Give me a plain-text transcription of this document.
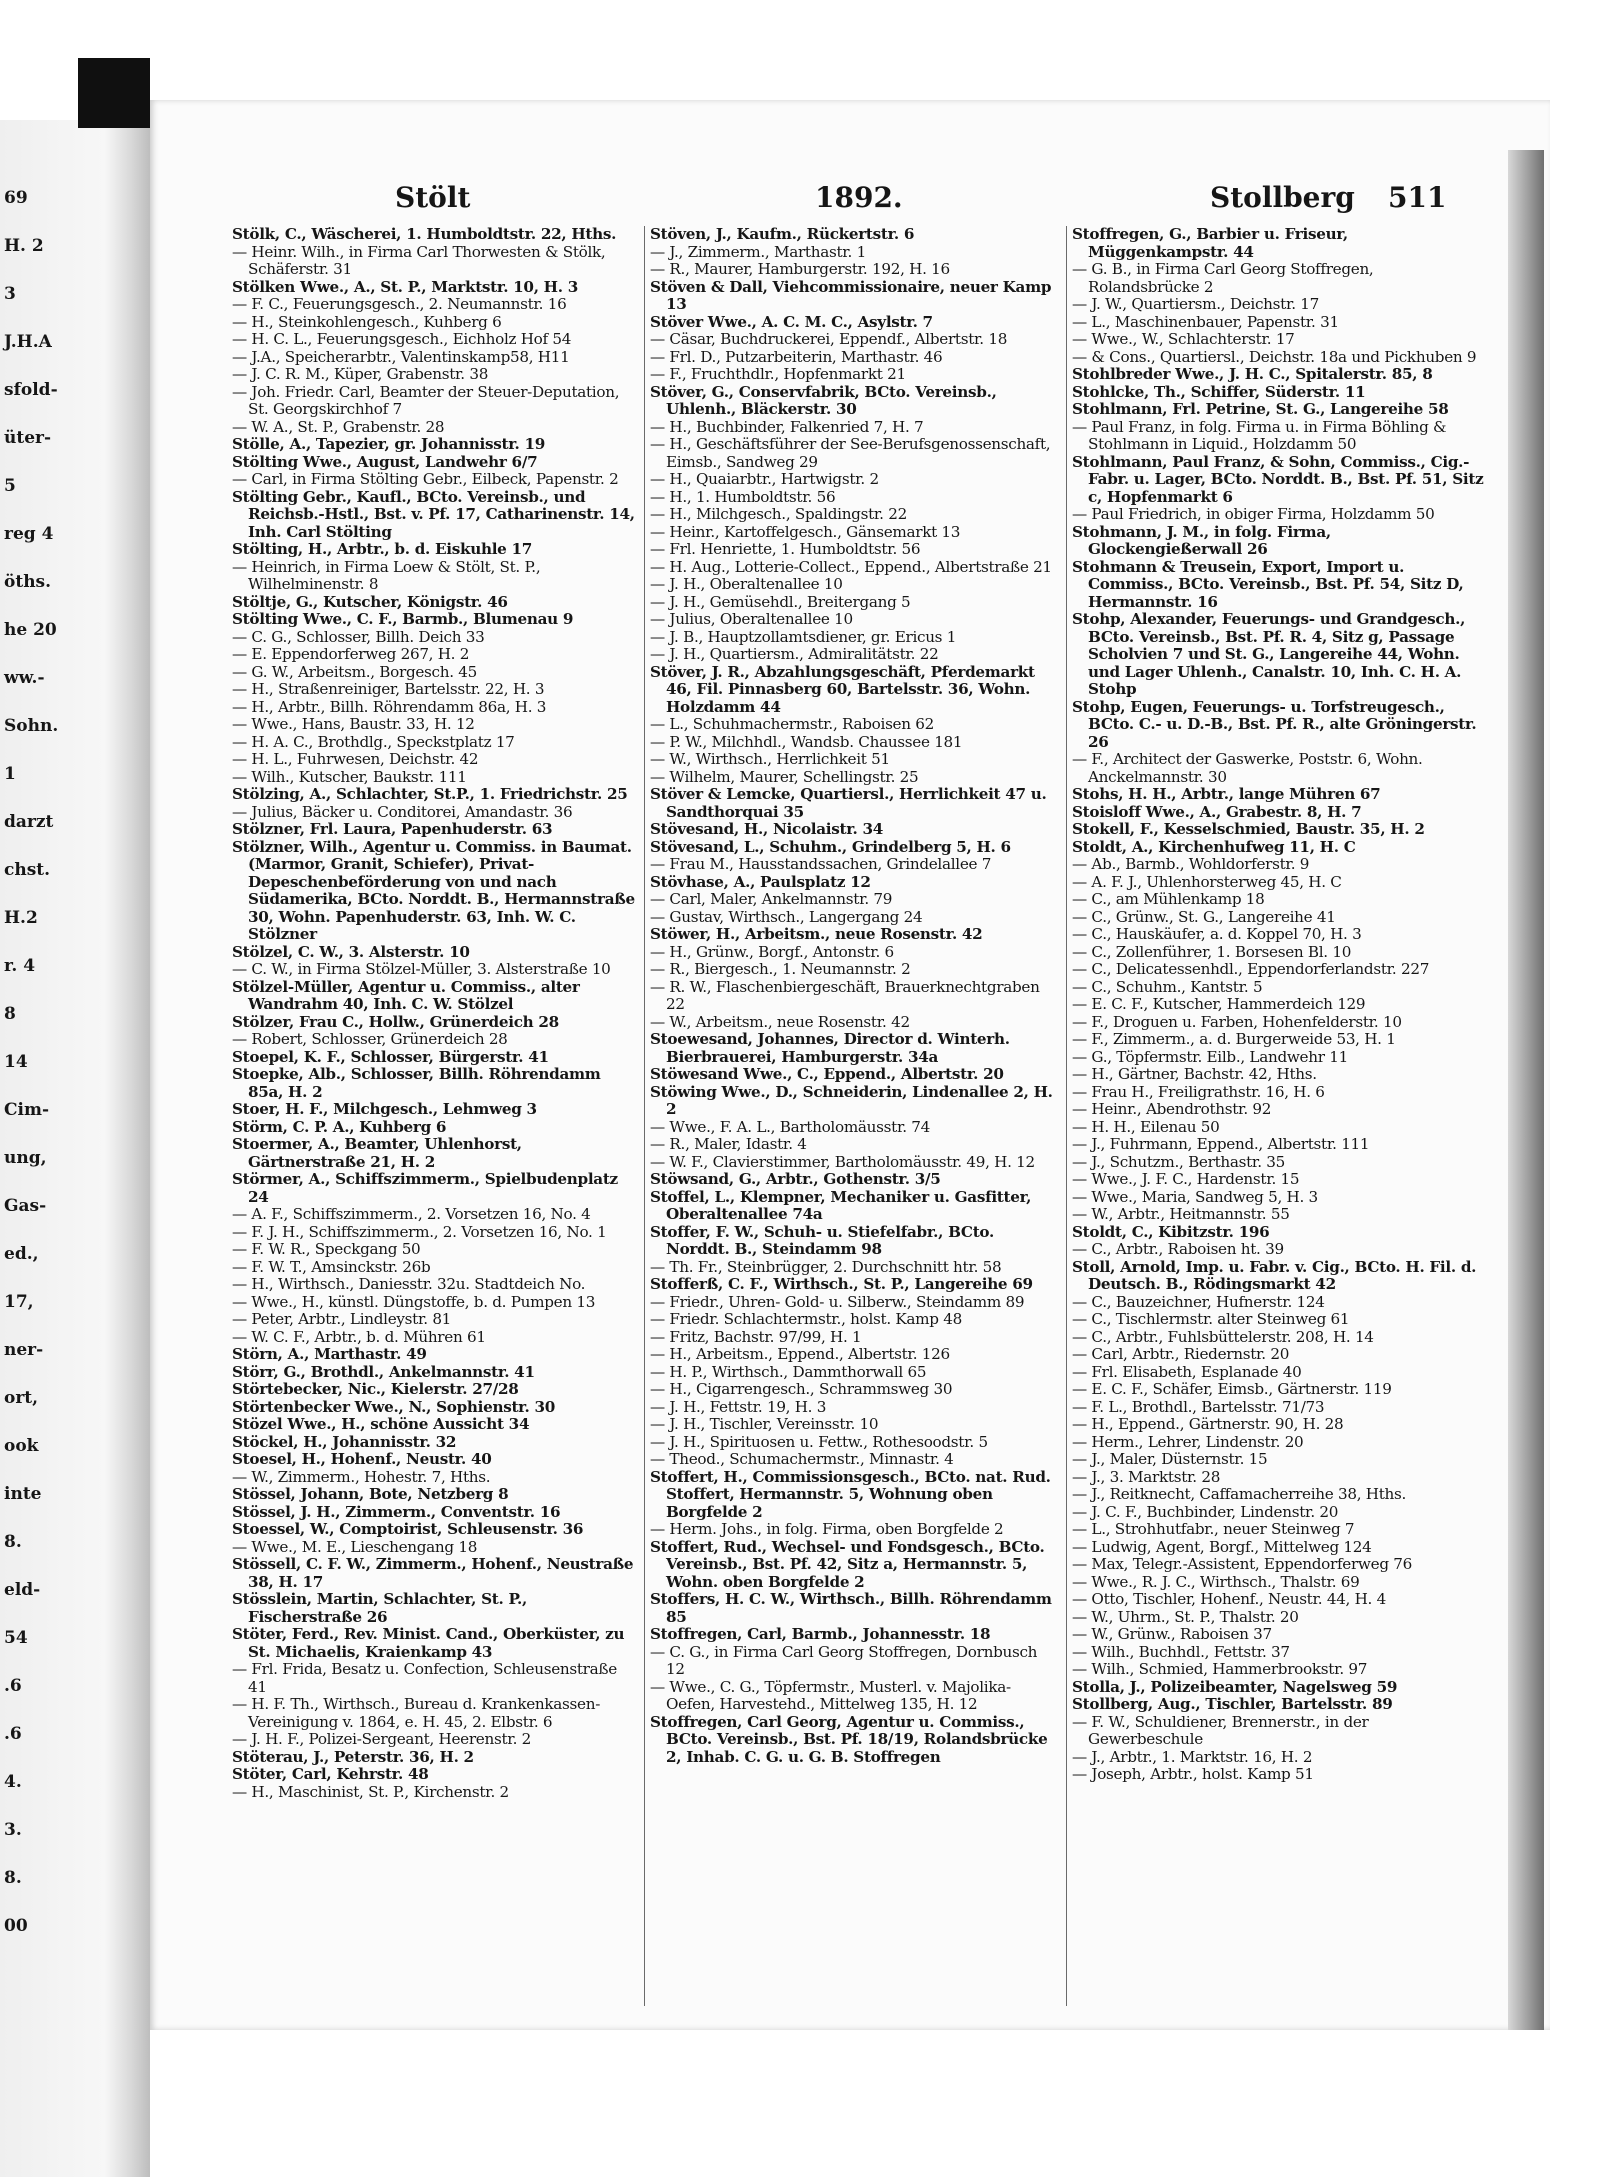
69
H. 2
3
J.H.A
sfold-
üter-
5
reg 4
öths.
he 20
ww.-
Sohn.
1
darzt
chst.
H.2
r. 4
8
14
Cim-
ung,
Gas-
ed.,
17,
ner-
ort,
ook
inte
8.
eld-
54
.6
.6
4.
3.
8.
00
Stölt	1892.	Stollberg 511
Stölk, C., Wäscherei, 1. Humboldtstr. 22, Hths.
— Heinr. Wilh., in Firma Carl Thorwesten & Stölk, Schäferstr. 31
Stölken Wwe., A., St. P., Marktstr. 10, H. 3
— F. C., Feuerungsgesch., 2. Neumannstr. 16
— H., Steinkohlengesch., Kuhberg 6
— H. C. L., Feuerungsgesch., Eichholz Hof 54
— J.A., Speicherarbtr., Valentinskamp58, H11
— J. C. R. M., Küper, Grabenstr. 38
— Joh. Friedr. Carl, Beamter der Steuer-Deputation, St. Georgskirchhof 7
— W. A., St. P., Grabenstr. 28
Stölle, A., Tapezier, gr. Johannisstr. 19
Stölting Wwe., August, Landwehr 6/7
— Carl, in Firma Stölting Gebr., Eilbeck, Papenstr. 2
Stölting Gebr., Kaufl., BCto. Vereinsb., und Reichsb.-Hstl., Bst. v. Pf. 17, Catharinenstr. 14, Inh. Carl Stölting
Stölting, H., Arbtr., b. d. Eiskuhle 17
— Heinrich, in Firma Loew & Stölt, St. P., Wilhelminenstr. 8
Stöltje, G., Kutscher, Königstr. 46
Stölting Wwe., C. F., Barmb., Blumenau 9
— C. G., Schlosser, Billh. Deich 33
— E. Eppendorferweg 267, H. 2
— G. W., Arbeitsm., Borgesch. 45
— H., Straßenreiniger, Bartelsstr. 22, H. 3
— H., Arbtr., Billh. Röhrendamm 86a, H. 3
— Wwe., Hans, Baustr. 33, H. 12
— H. A. C., Brothdlg., Speckstplatz 17
— H. L., Fuhrwesen, Deichstr. 42
— Wilh., Kutscher, Baukstr. 111
Stölzing, A., Schlachter, St.P., 1. Friedrichstr. 25
— Julius, Bäcker u. Conditorei, Amandastr. 36
Stölzner, Frl. Laura, Papenhuderstr. 63
Stölzner, Wilh., Agentur u. Commiss. in Baumat. (Marmor, Granit, Schiefer), Privat-Depeschenbeförderung von und nach Südamerika, BCto. Norddt. B., Hermannstraße 30, Wohn. Papenhuderstr. 63, Inh. W. C. Stölzner
Stölzel, C. W., 3. Alsterstr. 10
— C. W., in Firma Stölzel-Müller, 3. Alsterstraße 10
Stölzel-Müller, Agentur u. Commiss., alter Wandrahm 40, Inh. C. W. Stölzel
Stölzer, Frau C., Hollw., Grünerdeich 28
— Robert, Schlosser, Grünerdeich 28
Stoepel, K. F., Schlosser, Bürgerstr. 41
Stoepke, Alb., Schlosser, Billh. Röhrendamm 85a, H. 2
Stoer, H. F., Milchgesch., Lehmweg 3
Störm, C. P. A., Kuhberg 6
Stoermer, A., Beamter, Uhlenhorst, Gärtnerstraße 21, H. 2
Störmer, A., Schiffszimmerm., Spielbudenplatz 24
— A. F., Schiffszimmerm., 2. Vorsetzen 16, No. 4
— F. J. H., Schiffszimmerm., 2. Vorsetzen 16, No. 1
— F. W. R., Speckgang 50
— F. W. T., Amsinckstr. 26b
— H., Wirthsch., Daniesstr. 32u. Stadtdeich No.
— Wwe., H., künstl. Düngstoffe, b. d. Pumpen 13
— Peter, Arbtr., Lindleystr. 81
— W. C. F., Arbtr., b. d. Mühren 61
Störn, A., Marthastr. 49
Störr, G., Brothdl., Ankelmannstr. 41
Störtebecker, Nic., Kielerstr. 27/28
Störtenbecker Wwe., N., Sophienstr. 30
Stözel Wwe., H., schöne Aussicht 34
Stöckel, H., Johannisstr. 32
Stoesel, H., Hohenf., Neustr. 40
— W., Zimmerm., Hohestr. 7, Hths.
Stössel, Johann, Bote, Netzberg 8
Stössel, J. H., Zimmerm., Conventstr. 16
Stoessel, W., Comptoirist, Schleusenstr. 36
— Wwe., M. E., Lieschengang 18
Stössell, C. F. W., Zimmerm., Hohenf., Neustraße 38, H. 17
Stösslein, Martin, Schlachter, St. P., Fischerstraße 26
Stöter, Ferd., Rev. Minist. Cand., Oberküster, zu St. Michaelis, Kraienkamp 43
— Frl. Frida, Besatz u. Confection, Schleusenstraße 41
— H. F. Th., Wirthsch., Bureau d. Krankenkassen-Vereinigung v. 1864, e. H. 45, 2. Elbstr. 6
— J. H. F., Polizei-Sergeant, Heerenstr. 2
Stöterau, J., Peterstr. 36, H. 2
Stöter, Carl, Kehrstr. 48
— H., Maschinist, St. P., Kirchenstr. 2
Stöven, J., Kaufm., Rückertstr. 6
— J., Zimmerm., Marthastr. 1
— R., Maurer, Hamburgerstr. 192, H. 16
Stöven & Dall, Viehcommissionaire, neuer Kamp 13
Stöver Wwe., A. C. M. C., Asylstr. 7
— Cäsar, Buchdruckerei, Eppendf., Albertstr. 18
— Frl. D., Putzarbeiterin, Marthastr. 46
— F., Fruchthdlr., Hopfenmarkt 21
Stöver, G., Conservfabrik, BCto. Vereinsb., Uhlenh., Bläckerstr. 30
— H., Buchbinder, Falkenried 7, H. 7
— H., Geschäftsführer der See-Berufsgenossenschaft, Eimsb., Sandweg 29
— H., Quaiarbtr., Hartwigstr. 2
— H., 1. Humboldtstr. 56
— H., Milchgesch., Spaldingstr. 22
— Heinr., Kartoffelgesch., Gänsemarkt 13
— Frl. Henriette, 1. Humboldtstr. 56
— H. Aug., Lotterie-Collect., Eppend., Albertstraße 21
— J. H., Oberaltenallee 10
— J. H., Gemüsehdl., Breitergang 5
— Julius, Oberaltenallee 10
— J. B., Hauptzollamtsdiener, gr. Ericus 1
— J. H., Quartiersm., Admiralitätstr. 22
Stöver, J. R., Abzahlungsgeschäft, Pferdemarkt 46, Fil. Pinnasberg 60, Bartelsstr. 36, Wohn. Holzdamm 44
— L., Schuhmachermstr., Raboisen 62
— P. W., Milchhdl., Wandsb. Chaussee 181
— W., Wirthsch., Herrlichkeit 51
— Wilhelm, Maurer, Schellingstr. 25
Stöver & Lemcke, Quartiersl., Herrlichkeit 47 u. Sandthorquai 35
Stövesand, H., Nicolaistr. 34
Stövesand, L., Schuhm., Grindelberg 5, H. 6
— Frau M., Hausstandssachen, Grindelallee 7
Stövhase, A., Paulsplatz 12
— Carl, Maler, Ankelmannstr. 79
— Gustav, Wirthsch., Langergang 24
Stöwer, H., Arbeitsm., neue Rosenstr. 42
— H., Grünw., Borgf., Antonstr. 6
— R., Biergesch., 1. Neumannstr. 2
— R. W., Flaschenbiergeschäft, Brauerknechtgraben 22
— W., Arbeitsm., neue Rosenstr. 42
Stoewesand, Johannes, Director d. Winterh. Bierbrauerei, Hamburgerstr. 34a
Stöwesand Wwe., C., Eppend., Albertstr. 20
Stöwing Wwe., D., Schneiderin, Lindenallee 2, H. 2
— Wwe., F. A. L., Bartholomäusstr. 74
— R., Maler, Idastr. 4
— W. F., Clavierstimmer, Bartholomäusstr. 49, H. 12
Stöwsand, G., Arbtr., Gothenstr. 3/5
Stoffel, L., Klempner, Mechaniker u. Gasfitter, Oberaltenallee 74a
Stoffer, F. W., Schuh- u. Stiefelfabr., BCto. Norddt. B., Steindamm 98
— Th. Fr., Steinbrügger, 2. Durchschnitt htr. 58
Stofferß, C. F., Wirthsch., St. P., Langereihe 69
— Friedr., Uhren- Gold- u. Silberw., Steindamm 89
— Friedr. Schlachtermstr., holst. Kamp 48
— Fritz, Bachstr. 97/99, H. 1
— H., Arbeitsm., Eppend., Albertstr. 126
— H. P., Wirthsch., Dammthorwall 65
— H., Cigarrengesch., Schrammsweg 30
— J. H., Fettstr. 19, H. 3
— J. H., Tischler, Vereinsstr. 10
— J. H., Spirituosen u. Fettw., Rothesoodstr. 5
— Theod., Schumachermstr., Minnastr. 4
Stoffert, H., Commissionsgesch., BCto. nat. Rud. Stoffert, Hermannstr. 5, Wohnung oben Borgfelde 2
— Herm. Johs., in folg. Firma, oben Borgfelde 2
Stoffert, Rud., Wechsel- und Fondsgesch., BCto. Vereinsb., Bst. Pf. 42, Sitz a, Hermannstr. 5, Wohn. oben Borgfelde 2
Stoffers, H. C. W., Wirthsch., Billh. Röhrendamm 85
Stoffregen, Carl, Barmb., Johannesstr. 18
— C. G., in Firma Carl Georg Stoffregen, Dornbusch 12
— Wwe., C. G., Töpfermstr., Musterl. v. Majolika-Oefen, Harvestehd., Mittelweg 135, H. 12
Stoffregen, Carl Georg, Agentur u. Commiss., BCto. Vereinsb., Bst. Pf. 18/19, Rolandsbrücke 2, Inhab. C. G. u. G. B. Stoffregen
Stoffregen, G., Barbier u. Friseur, Müggenkampstr. 44
— G. B., in Firma Carl Georg Stoffregen, Rolandsbrücke 2
— J. W., Quartiersm., Deichstr. 17
— L., Maschinenbauer, Papenstr. 31
— Wwe., W., Schlachterstr. 17
— & Cons., Quartiersl., Deichstr. 18a und Pickhuben 9
Stohlbreder Wwe., J. H. C., Spitalerstr. 85, 8
Stohlcke, Th., Schiffer, Süderstr. 11
Stohlmann, Frl. Petrine, St. G., Langereihe 58
— Paul Franz, in folg. Firma u. in Firma Böhling & Stohlmann in Liquid., Holzdamm 50
Stohlmann, Paul Franz, & Sohn, Commiss., Cig.-Fabr. u. Lager, BCto. Norddt. B., Bst. Pf. 51, Sitz c, Hopfenmarkt 6
— Paul Friedrich, in obiger Firma, Holzdamm 50
Stohmann, J. M., in folg. Firma, Glockengießerwall 26
Stohmann & Treusein, Export, Import u. Commiss., BCto. Vereinsb., Bst. Pf. 54, Sitz D, Hermannstr. 16
Stohp, Alexander, Feuerungs- und Grandgesch., BCto. Vereinsb., Bst. Pf. R. 4, Sitz g, Passage Scholvien 7 und St. G., Langereihe 44, Wohn. und Lager Uhlenh., Canalstr. 10, Inh. C. H. A. Stohp
Stohp, Eugen, Feuerungs- u. Torfstreugesch., BCto. C.- u. D.-B., Bst. Pf. R., alte Gröningerstr. 26
— F., Architect der Gaswerke, Poststr. 6, Wohn. Anckelmannstr. 30
Stohs, H. H., Arbtr., lange Mühren 67
Stoisloff Wwe., A., Grabestr. 8, H. 7
Stokell, F., Kesselschmied, Baustr. 35, H. 2
Stoldt, A., Kirchenhufweg 11, H. C
— Ab., Barmb., Wohldorferstr. 9
— A. F. J., Uhlenhorsterweg 45, H. C
— C., am Mühlenkamp 18
— C., Grünw., St. G., Langereihe 41
— C., Hauskäufer, a. d. Koppel 70, H. 3
— C., Zollenführer, 1. Borsesen Bl. 10
— C., Delicatessenhdl., Eppendorferlandstr. 227
— C., Schuhm., Kantstr. 5
— E. C. F., Kutscher, Hammerdeich 129
— F., Droguen u. Farben, Hohenfelderstr. 10
— F., Zimmerm., a. d. Burgerweide 53, H. 1
— G., Töpfermstr. Eilb., Landwehr 11
— H., Gärtner, Bachstr. 42, Hths.
— Frau H., Freiligrathstr. 16, H. 6
— Heinr., Abendrothstr. 92
— H. H., Eilenau 50
— J., Fuhrmann, Eppend., Albertstr. 111
— J., Schutzm., Berthastr. 35
— Wwe., J. F. C., Hardenstr. 15
— Wwe., Maria, Sandweg 5, H. 3
— W., Arbtr., Heitmannstr. 55
Stoldt, C., Kibitzstr. 196
— C., Arbtr., Raboisen ht. 39
Stoll, Arnold, Imp. u. Fabr. v. Cig., BCto. H. Fil. d. Deutsch. B., Rödingsmarkt 42
— C., Bauzeichner, Hufnerstr. 124
— C., Tischlermstr. alter Steinweg 61
— C., Arbtr., Fuhlsbüttelerstr. 208, H. 14
— Carl, Arbtr., Riedernstr. 20
— Frl. Elisabeth, Esplanade 40
— E. C. F., Schäfer, Eimsb., Gärtnerstr. 119
— F. L., Brothdl., Bartelsstr. 71/73
— H., Eppend., Gärtnerstr. 90, H. 28
— Herm., Lehrer, Lindenstr. 20
— J., Maler, Düsternstr. 15
— J., 3. Marktstr. 28
— J., Reitknecht, Caffamacherreihe 38, Hths.
— J. C. F., Buchbinder, Lindenstr. 20
— L., Strohhutfabr., neuer Steinweg 7
— Ludwig, Agent, Borgf., Mittelweg 124
— Max, Telegr.-Assistent, Eppendorferweg 76
— Wwe., R. J. C., Wirthsch., Thalstr. 69
— Otto, Tischler, Hohenf., Neustr. 44, H. 4
— W., Uhrm., St. P., Thalstr. 20
— W., Grünw., Raboisen 37
— Wilh., Buchhdl., Fettstr. 37
— Wilh., Schmied, Hammerbrookstr. 97
Stolla, J., Polizeibeamter, Nagelsweg 59
Stollberg, Aug., Tischler, Bartelsstr. 89
— F. W., Schuldiener, Brennerstr., in der Gewerbeschule
— J., Arbtr., 1. Marktstr. 16, H. 2
— Joseph, Arbtr., holst. Kamp 51
